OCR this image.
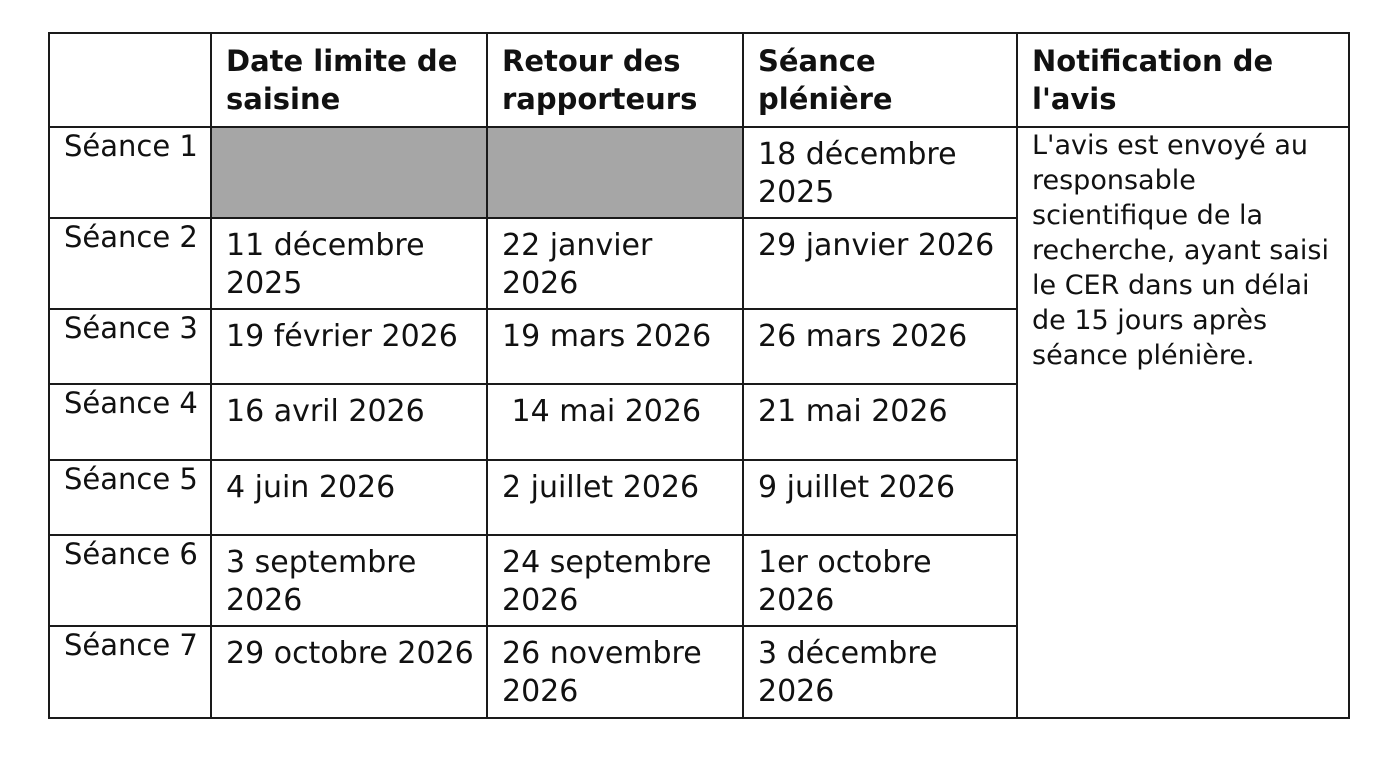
	Date limite de saisine	Retour des rapporteurs	Séance plénière	Notification de l'avis

Séance 1			18 décembre 2025	L'avis est envoyé au responsable scientifique de la recherche, ayant saisi le CER dans un délai de 15 jours après séance plénière.

Séance 2	11 décembre 2025	22 janvier 2026	29 janvier 2026	

Séance 3	19 février 2026	19 mars 2026	26 mars 2026	

Séance 4	16 avril 2026	14 mai 2026	21 mai 2026	

Séance 5	4 juin 2026	2 juillet 2026	9 juillet 2026	

Séance 6	3 septembre 2026	24 septembre 2026	1er octobre 2026	

Séance 7	29 octobre 2026	26 novembre 2026	3 décembre 2026	
